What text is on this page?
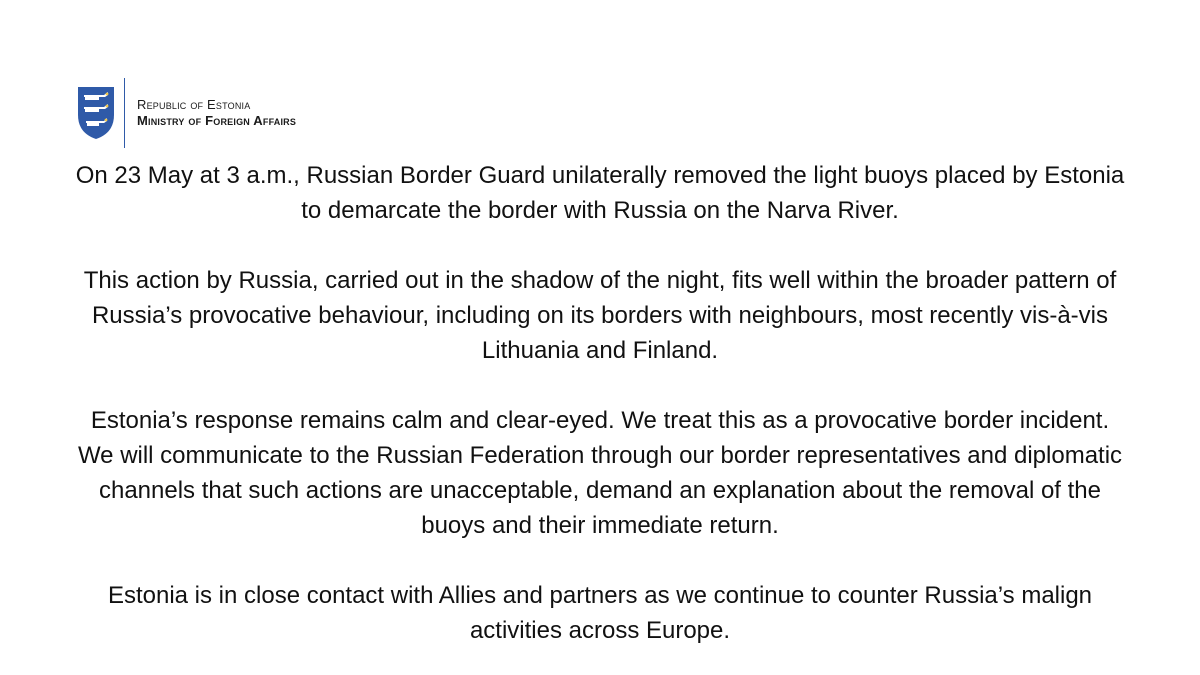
Republic of Estonia
Ministry of Foreign Affairs

On 23 May at 3 a.m., Russian Border Guard unilaterally removed the light buoys placed by Estonia to demarcate the border with Russia on the Narva River.

This action by Russia, carried out in the shadow of the night, fits well within the broader pattern of Russia’s provocative behaviour, including on its borders with neighbours, most recently vis-à-vis Lithuania and Finland.

Estonia’s response remains calm and clear-eyed. We treat this as a provocative border incident. We will communicate to the Russian Federation through our border representatives and diplomatic channels that such actions are unacceptable, demand an explanation about the removal of the buoys and their immediate return.

Estonia is in close contact with Allies and partners as we continue to counter Russia’s malign activities across Europe.
